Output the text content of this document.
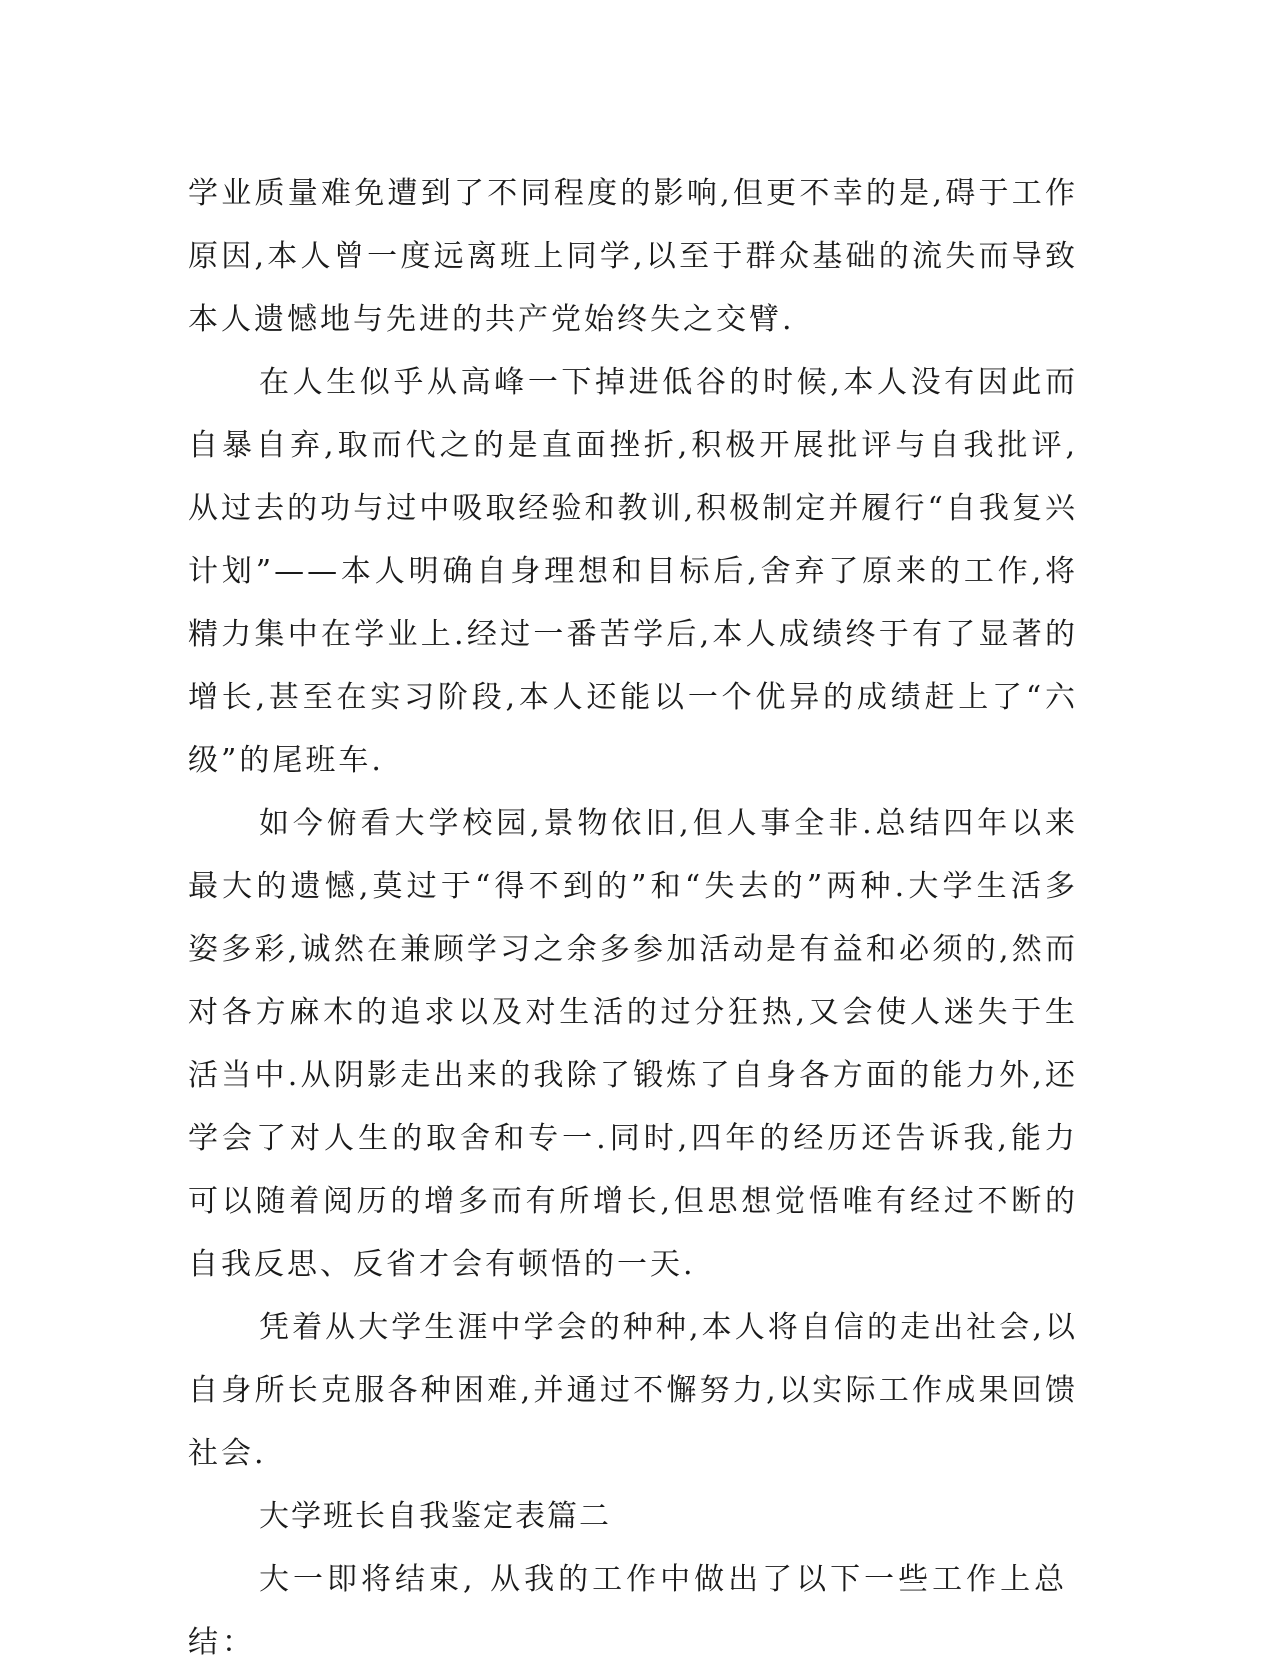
学业质量难免遭到了不同程度的影响,但更不幸的是,碍于工作原因,本人曾一度远离班上同学,以至于群众基础的流失而导致本人遗憾地与先进的共产党始终失之交臂.

在人生似乎从高峰一下掉进低谷的时候,本人没有因此而自暴自弃,取而代之的是直面挫折,积极开展批评与自我批评,从过去的功与过中吸取经验和教训,积极制定并履行“自我复兴计划”——本人明确自身理想和目标后,舍弃了原来的工作,将精力集中在学业上.经过一番苦学后,本人成绩终于有了显著的增长,甚至在实习阶段,本人还能以一个优异的成绩赶上了“六级”的尾班车.

如今俯看大学校园,景物依旧,但人事全非.总结四年以来最大的遗憾,莫过于“得不到的”和“失去的”两种.大学生活多姿多彩,诚然在兼顾学习之余多参加活动是有益和必须的,然而对各方麻木的追求以及对生活的过分狂热,又会使人迷失于生活当中.从阴影走出来的我除了锻炼了自身各方面的能力外,还学会了对人生的取舍和专一.同时,四年的经历还告诉我,能力可以随着阅历的增多而有所增长,但思想觉悟唯有经过不断的自我反思、反省才会有顿悟的一天.

凭着从大学生涯中学会的种种,本人将自信的走出社会,以自身所长克服各种困难,并通过不懈努力,以实际工作成果回馈社会.

大学班长自我鉴定表篇二

大一即将结束, 从我的工作中做出了以下一些工作上总结：
